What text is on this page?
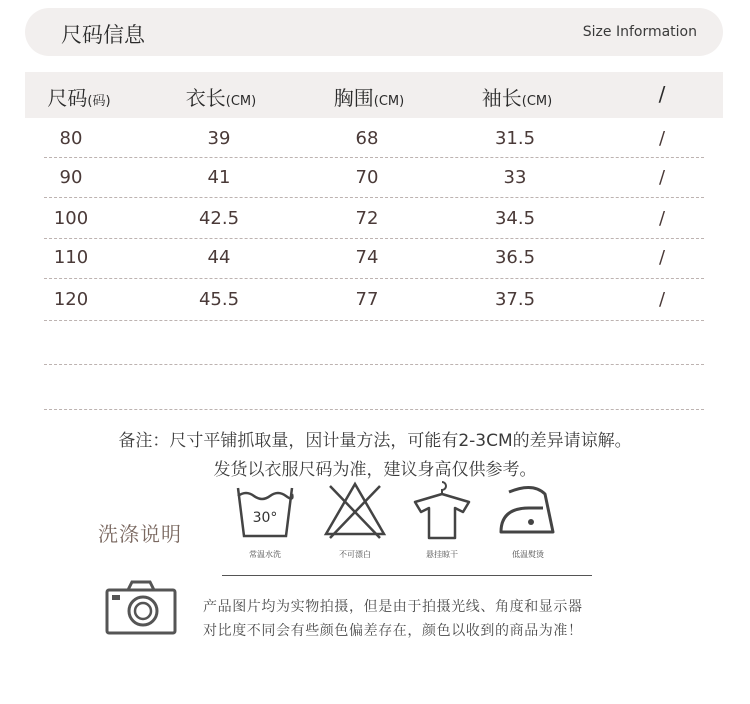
尺码信息	Size Information
尺码(码)	衣长(CM)	胸围(CM)	袖长(CM)	/
80	39	68	31.5	/
90	41	70	33	/
100	42.5	72	34.5	/
110	44	74	36.5	/
120	45.5	77	37.5	/
备注：尺寸平铺抓取量，因计量方法，可能有2-3CM的差异请谅解。
发货以衣服尺码为准，建议身高仅供参考。
洗涤说明
30°
常温水洗	不可漂白	悬挂晾干	低温熨烫
产品图片均为实物拍摄，但是由于拍摄光线、角度和显示器
对比度不同会有些颜色偏差存在，颜色以收到的商品为准！
